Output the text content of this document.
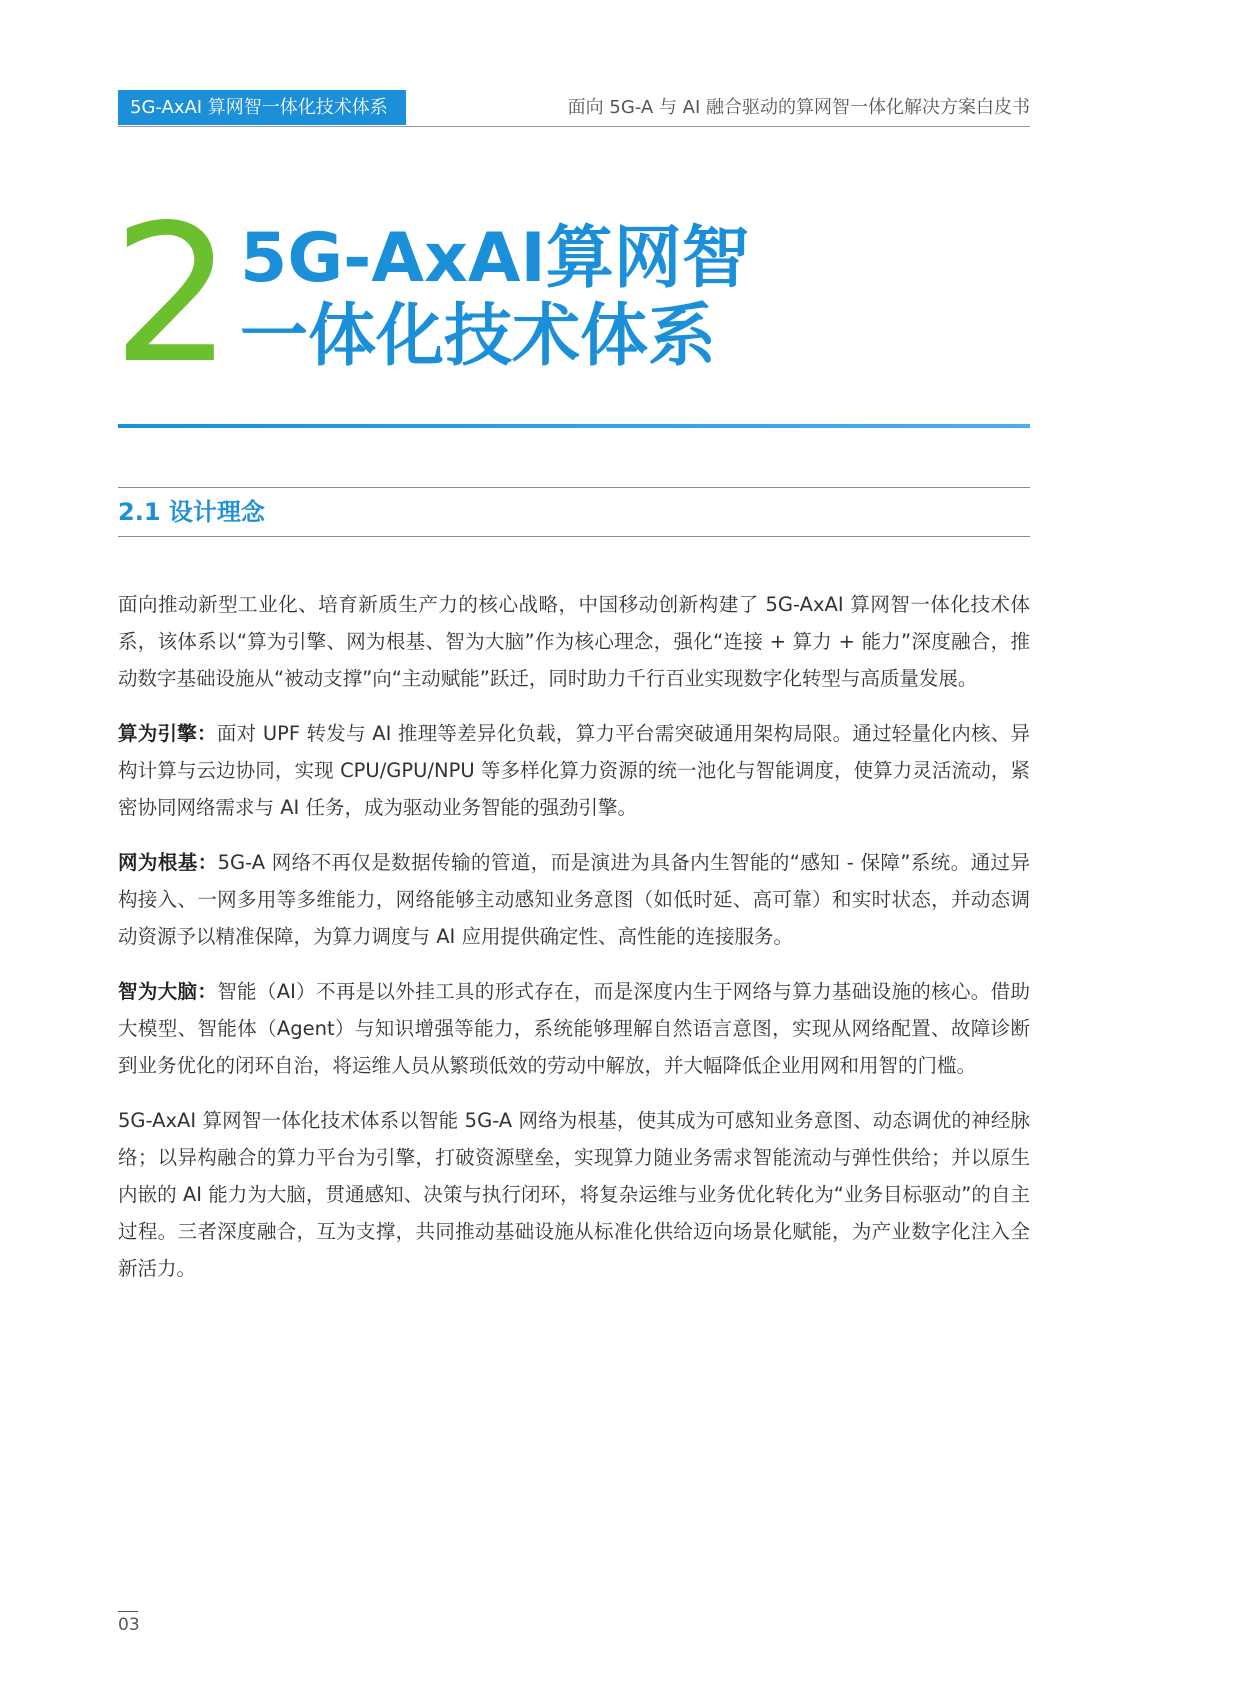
5G-AxAI 算网智一体化技术体系	面向 5G-A 与 AI 融合驱动的算网智一体化解决方案白皮书
2 5G-AxAI算网智
一体化技术体系
2.1 设计理念

面向推动新型工业化、培育新质生产力的核心战略，中国移动创新构建了 5G-AxAI 算网智一体化技术体系，该体系以“算为引擎、网为根基、智为大脑”作为核心理念，强化“连接 + 算力 + 能力”深度融合，推动数字基础设施从“被动支撑”向“主动赋能”跃迁，同时助力千行百业实现数字化转型与高质量发展。

算为引擎：面对 UPF 转发与 AI 推理等差异化负载，算力平台需突破通用架构局限。通过轻量化内核、异构计算与云边协同，实现 CPU/GPU/NPU 等多样化算力资源的统一池化与智能调度，使算力灵活流动，紧密协同网络需求与 AI 任务，成为驱动业务智能的强劲引擎。

网为根基：5G-A 网络不再仅是数据传输的管道，而是演进为具备内生智能的“感知 - 保障”系统。通过异构接入、一网多用等多维能力，网络能够主动感知业务意图（如低时延、高可靠）和实时状态，并动态调动资源予以精准保障，为算力调度与 AI 应用提供确定性、高性能的连接服务。

智为大脑：智能（AI）不再是以外挂工具的形式存在，而是深度内生于网络与算力基础设施的核心。借助大模型、智能体（Agent）与知识增强等能力，系统能够理解自然语言意图，实现从网络配置、故障诊断到业务优化的闭环自治，将运维人员从繁琐低效的劳动中解放，并大幅降低企业用网和用智的门槛。

5G-AxAI 算网智一体化技术体系以智能 5G-A 网络为根基，使其成为可感知业务意图、动态调优的神经脉络；以异构融合的算力平台为引擎，打破资源壁垒，实现算力随业务需求智能流动与弹性供给；并以原生内嵌的 AI 能力为大脑，贯通感知、决策与执行闭环，将复杂运维与业务优化转化为“业务目标驱动”的自主过程。三者深度融合，互为支撑，共同推动基础设施从标准化供给迈向场景化赋能，为产业数字化注入全新活力。

03
